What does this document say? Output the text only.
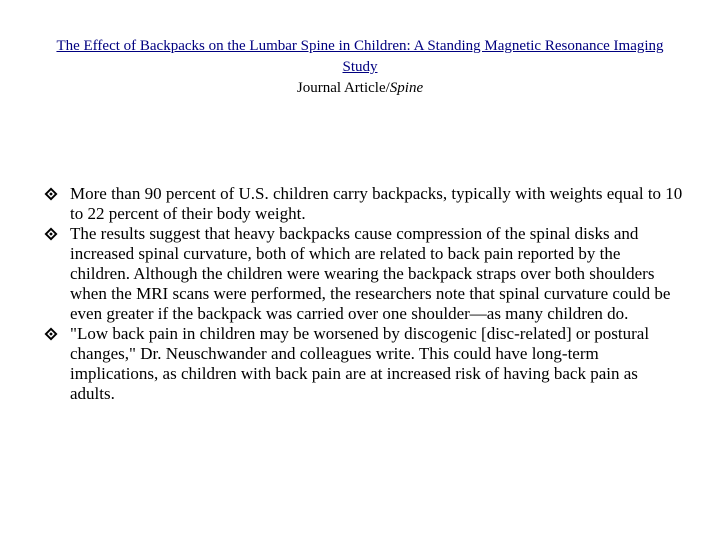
The Effect of Backpacks on the Lumbar Spine in Children: A Standing Magnetic Resonance Imaging Study
Journal Article/Spine
More than 90 percent of U.S. children carry backpacks, typically with weights equal to 10 to 22 percent of their body weight.
The results suggest that heavy backpacks cause compression of the spinal disks and increased spinal curvature, both of which are related to back pain reported by the children. Although the children were wearing the backpack straps over both shoulders when the MRI scans were performed, the researchers note that spinal curvature could be even greater if the backpack was carried over one shoulder—as many children do.
"Low back pain in children may be worsened by discogenic [disc-related] or postural changes," Dr. Neuschwander and colleagues write. This could have long-term implications, as children with back pain are at increased risk of having back pain as adults.
